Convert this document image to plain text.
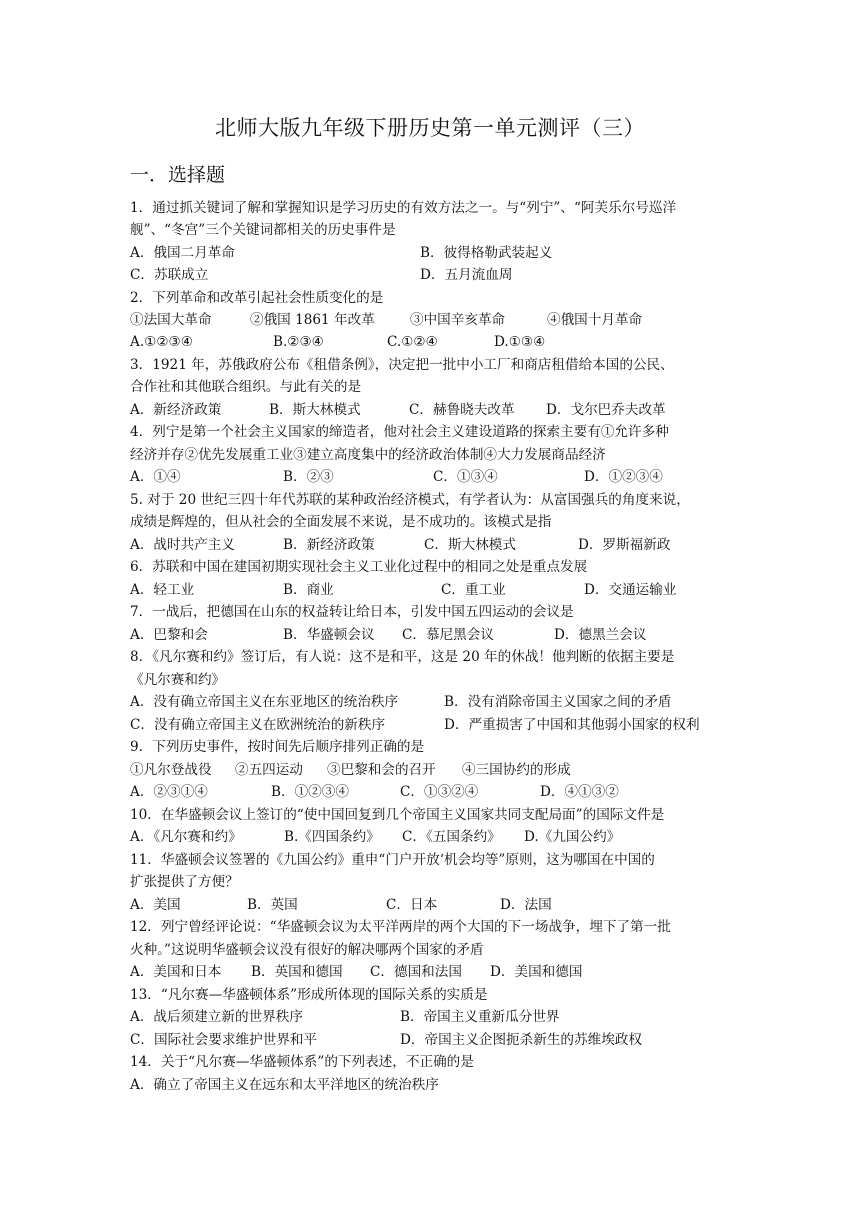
北师大版九年级下册历史第一单元测评（三）
一．选择题
1．通过抓关键词了解和掌握知识是学习历史的有效方法之一。与“列宁”、“阿芙乐尔号巡洋
舰”、“冬宫”三个关键词都相关的历史事件是
A．俄国二月革命	B．彼得格勒武装起义
C．苏联成立	D．五月流血周
2．下列革命和改革引起社会性质变化的是
①法国大革命	②俄国 1861 年改革	③中国辛亥革命	④俄国十月革命
A.①②③④	B.②③④	C.①②④	D.①③④
3．1921 年，苏俄政府公布《租借条例》，决定把一批中小工厂和商店租借给本国的公民、
合作社和其他联合组织。与此有关的是
A．新经济政策	B．斯大林模式	C．赫鲁晓夫改革 D．戈尔巴乔夫改革
4．列宁是第一个社会主义国家的缔造者，他对社会主义建设道路的探索主要有①允许多种
经济并存②优先发展重工业③建立高度集中的经济政治体制④大力发展商品经济
A．①④	B．②③	C．①③④	D．①②③④
5. 对于 20 世纪三四十年代苏联的某种政治经济模式，有学者认为：从富国强兵的角度来说，
成绩是辉煌的，但从社会的全面发展不来说，是不成功的。该模式是指
A．战时共产主义	B．新经济政策	C．斯大林模式	D．罗斯福新政
6．苏联和中国在建国初期实现社会主义工业化过程中的相同之处是重点发展
A．轻工业	B．商业	C．重工业	D．交通运输业
7．一战后，把德国在山东的权益转让给日本，引发中国五四运动的会议是
A．巴黎和会	B．华盛顿会议 C．慕尼黑会议	D．德黑兰会议
8．《凡尔赛和约》签订后，有人说：这不是和平，这是 20 年的休战！他判断的依据主要是
《凡尔赛和约》
A．没有确立帝国主义在东亚地区的统治秩序	B．没有消除帝国主义国家之间的矛盾
C．没有确立帝国主义在欧洲统治的新秩序	D．严重损害了中国和其他弱小国家的权利
9．下列历史事件，按时间先后顺序排列正确的是
①凡尔登战役 ②五四运动 ③巴黎和会的召开 ④三国协约的形成
A．②③①④	B．①②③④	C．①③②④	D．④①③②
10．在华盛顿会议上签订的“使中国回复到几个帝国主义国家共同支配局面”的国际文件是
A．《凡尔赛和约》	B.《四国条约》 C．《五国条约》 D.《九国公约》
11．华盛顿会议签署的《九国公约》重申“门户开放‘机会均等”原则，这为哪国在中国的
扩张提供了方便？
A．美国	B．英国	C．日本	D．法国
12．列宁曾经评论说：“华盛顿会议为太平洋两岸的两个大国的下一场战争，埋下了第一批
火种。”这说明华盛顿会议没有很好的解决哪两个国家的矛盾
A．美国和日本 B．英国和德国 C．德国和法国 D．美国和德国
13．“凡尔赛—华盛顿体系”形成所体现的国际关系的实质是
A．战后须建立新的世界秩序	B．帝国主义重新瓜分世界
C．国际社会要求维护世界和平	D．帝国主义企图扼杀新生的苏维埃政权
14．关于“凡尔赛—华盛顿体系”的下列表述，不正确的是
A．确立了帝国主义在远东和太平洋地区的统治秩序
